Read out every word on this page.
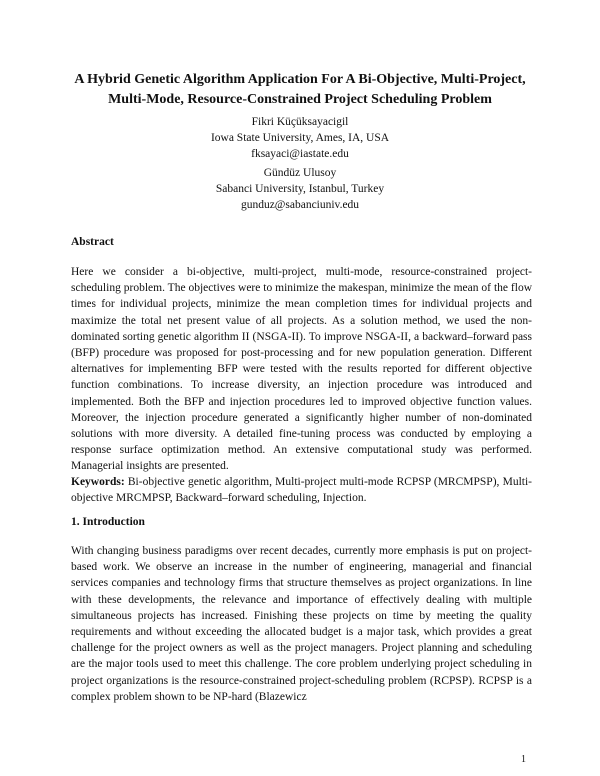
A Hybrid Genetic Algorithm Application For A Bi-Objective, Multi-Project, Multi-Mode, Resource-Constrained Project Scheduling Problem
Fikri Küçüksayacigil
Iowa State University, Ames, IA, USA
fksayaci@iastate.edu
Gündüz Ulusoy
Sabanci University, Istanbul, Turkey
gunduz@sabanciuniv.edu
Abstract
Here we consider a bi-objective, multi-project, multi-mode, resource-constrained project-scheduling problem. The objectives were to minimize the makespan, minimize the mean of the flow times for individual projects, minimize the mean completion times for individual projects and maximize the total net present value of all projects. As a solution method, we used the non-dominated sorting genetic algorithm II (NSGA-II). To improve NSGA-II, a backward–forward pass (BFP) procedure was proposed for post-processing and for new population generation. Different alternatives for implementing BFP were tested with the results reported for different objective function combinations. To increase diversity, an injection procedure was introduced and implemented. Both the BFP and injection procedures led to improved objective function values. Moreover, the injection procedure generated a significantly higher number of non-dominated solutions with more diversity. A detailed fine-tuning process was conducted by employing a response surface optimization method. An extensive computational study was performed. Managerial insights are presented.
Keywords: Bi-objective genetic algorithm, Multi-project multi-mode RCPSP (MRCMPSP), Multi-objective MRCMPSP, Backward–forward scheduling, Injection.
1. Introduction
With changing business paradigms over recent decades, currently more emphasis is put on project-based work. We observe an increase in the number of engineering, managerial and financial services companies and technology firms that structure themselves as project organizations. In line with these developments, the relevance and importance of effectively dealing with multiple simultaneous projects has increased. Finishing these projects on time by meeting the quality requirements and without exceeding the allocated budget is a major task, which provides a great challenge for the project owners as well as the project managers. Project planning and scheduling are the major tools used to meet this challenge. The core problem underlying project scheduling in project organizations is the resource-constrained project-scheduling problem (RCPSP). RCPSP is a complex problem shown to be NP-hard (Blazewicz
1
